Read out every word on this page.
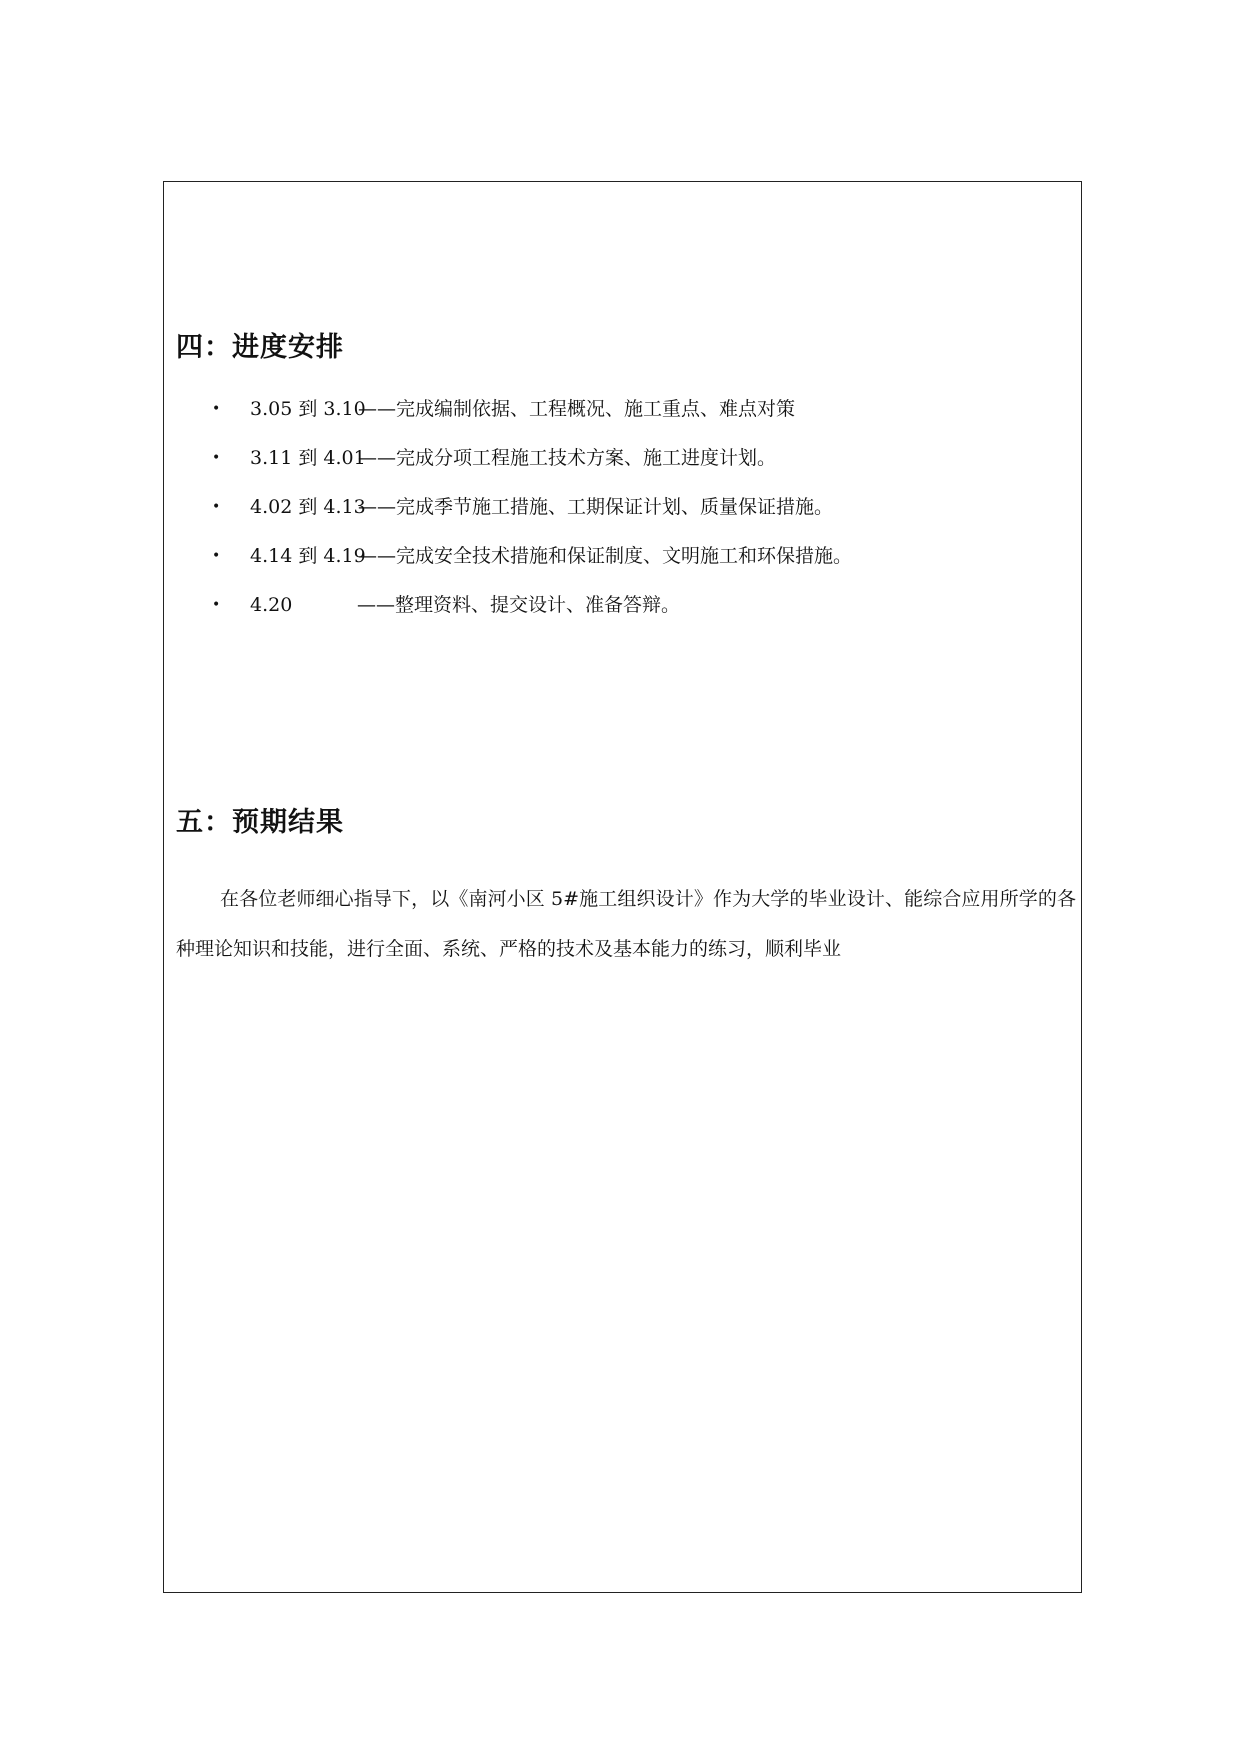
四：进度安排
• 3.05 到 3.10
——完成编制依据、工程概况、施工重点、难点对策
• 3.11 到 4.01
——完成分项工程施工技术方案、施工进度计划。
• 4.02 到 4.13
——完成季节施工措施、工期保证计划、质量保证措施。
• 4.14 到 4.19
——完成安全技术措施和保证制度、文明施工和环保措施。
• 4.20	——整理资料、提交设计、准备答辩。
五：预期结果

在各位老师细心指导下，以《南河小区 5#施工组织设计》作为大学的毕业设计、能综合应用所学的各种理论知识和技能，进行全面、系统、严格的技术及基本能力的练习，顺利毕业
